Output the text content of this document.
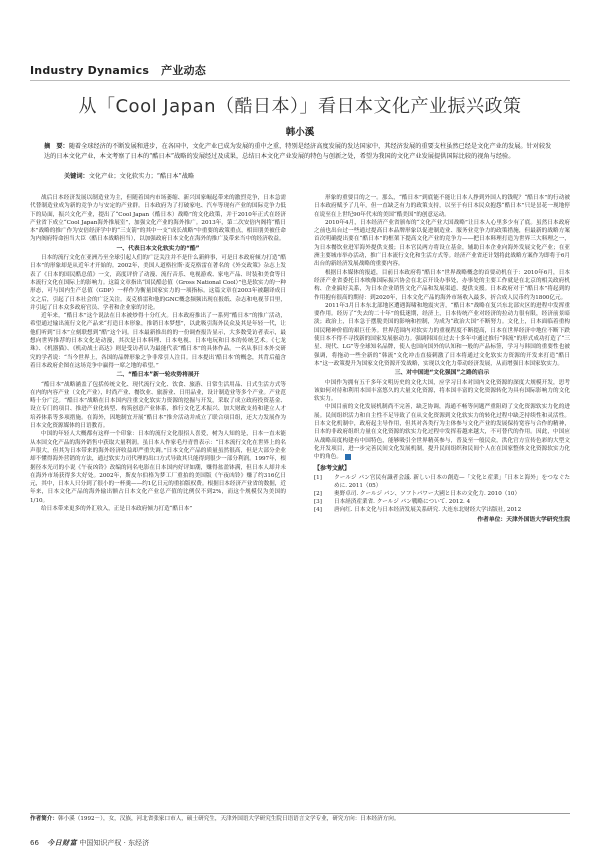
Industry Dynamics 产业动态
从「Cool Japan（酷日本）」看日本文化产业振兴政策
韩小溪
摘　要：随着全球经济的不断发展和进步，在各国中，文化产业已成为发展的重中之重，特别是经济高度发展的发达国家中，其经济发展的重要支柱虽然已经是文化产业的发展。针对较发达的日本文化产业，本文考察了日本的“酷日本”战略的发展经过及成果，总结日本文化产业发展的特色与创新之处，希望为我国的文化产业发展提供国际比较的视角与经验。
关键词：文化产业；文化软实力；“酷日本”战略

战后日本经济发展以制造业为主，但随着国内市场萎缩、新兴国家崛起带来的激烈竞争，日本急需代替制造业成为新的竞争力与安定的产业群。日本政府为了打破家电、汽车等现有产业的国际竞争力低下的局面，振兴文化产业，提出了“Cool Japan（酷日本）战略”的文化政策，并于2010年正式在经济产业省下成立“Cool Japan海外推展室”，加强文化产业的海外推广。2013年，第二次安倍内阁将“酷日本”战略的推广作为安倍经济学中的“三支箭”的其中一支“成长战略”中重要的政策重点，相田朋美被任命为内阁府特命担当大臣（酷日本战略担当），以加强政府日本文化在海外的推广及带来当中的经济收益。

一、代表日本文化软实力的“酷”

日本的流行文化在亚洲乃至全球引起人们的广泛关注并不是什么新鲜事，可是日本政府倾力打造“酷日本”的形象却是从近年才开始的。2002年，美国人道格拉斯·麦克格雷在著名的《外交政策》杂志上发表了《日本的国民酷总值》一文，高度评价了动漫、流行音乐、电视游戏、家电产品、时装和美食等日本流行文化在国际上的影响力。这篇文章指出“国民酷总值（Gross National Cool）”也是软实力的一种形态，可与国内生产总值（GDP）一样作为衡量国家实力的一项指标。这篇文章在2003年被翻译成日文之后，引起了日本社会的广泛关注。麦克格雷和他的GNC概念频频出现在报纸、杂志和电视节目里，并引起了日本众多政府官员、学者和企业家的讨论。

近年来，“酷日本”这个说法在日本被炒得十分红火。日本政府推出了一系列“酷日本”的推广活动，希望通过输出流行文化产品来“打造日本形象，推销日本梦想”，以此吸引海外民众及其是年轻一代，让他们听到“日本”立刻联想到“酷”这个词。日本最新推出的的一份调查报告显示，大多数受访者表示，最想向世界推荐的日本文化是动漫，其次是日本料理、日本电视、日本电玩和日本的传统艺术。《七龙珠》、《机器猫》、《机动战士高达》则是受访者认为最能代表“酷日本”的具体作品。一名从事日本外交研究的学者说：“当今世界上，各国的品牌形象之争非常引人注目。日本提出‘酷日本’的概念，其背后蕴含着日本政府企图在这场竞争中赢得一席之地的希望。”

二、“酷日本”新一轮攻势将展开

“酷日本”战略涵盖了包括传统文化、现代流行文化、饮食、旅游、日常生活用品、日式生活方式等在内的内容产业（文化产业），时尚产业、餐饮业、旅游业、日用品业，设计制造业等多个产业。产业范畴十分广泛。“酷日本”战略在日本国内注重文化软实力资源的挖掘与开发，采取了成立政府投资基金、设立专门的项目、推进产业化转型、构筑创意产业体系，推行文化艺术振兴、加大财政支持和建立人才培养体系等多项措施。在海外，因地制宜开展“酷日本”推介活动并成立了联合项目组，还大力发展作为日本文化资源媒体的日语教育。

中国的年轻人大概都有这样一个印象：日本的流行文化很招人喜爱，树为人知的是，日本一直未能从本国文化产品的海外销售中获取大量利润。虽日本人作家毛丹青曾表示：“日本流行文化在世界上的名声很大，但其为日本带来的海外经济收益却严重失调。”日本文化产品的质量虽然很高，但是大部分企业却不懂得海外营销的方法，通过软实力司代理的出口方式导致其只能得到很少一部分利润。1997年，根据径本光司的小说《午夜凶铃》改编的同名电影在日本国内好评如潮，赚得盆盈钵满，但日本人却并未在海外市场获得多大好处。2002年，斯皮尔伯格为梦工厂重拍的美国版《午夜凶铃》赚了约316亿日元，其中，日本人只分到了很小的一杯羹——约1亿日元的重拍版权费。根据日本经济产业省的数据，近年来，日本文化产品的海外输出额占日本文化产业总产值的比例仅不到2%，而这个规模仅为美国的1/10。

给日本带来更多的外汇收入，正是日本政府倾力打造“酷日本”

形象的重要目的之一。那么，“酷日本”到底能不能让日本人挣到外国人的钱呢？“酷日本”的行动被日本政府赋予了几年，但一直缺乏有力的政策支持，以至于有日本民众抱怨“酷日本”只是昙花一现地停在说至在上世纪90年代末的美国“酷美国”的创意运动。

2010年4月，日本经济产业省颁布的“文化产业大国战略”让日本人心里多少有了底。虽然日本政府之前也出台过一些通过提高日本品牌形象以促进制造业、服务业竞争力的政策措施，但最新的战略方案首次明确提出要在“酷日本”的框架下提高文化产业的竞争力——把日本料理打造为世界三大料理之一，为日本餐饮业进军海外提供支援；日本官民两方将设立基金，辅助日本企业向海外发展文化产业；在亚洲主要城市举办活动，推广日本流行文化和生活方式等。经济产业省还计划将此战略方案作为即将于6月出台的新经济发展战略的重要内容。

根据日本媒体的报道，目前日本政府将“酷日本”世界战略概念的首要动机在于：2010年6月，日本经济产业省委托日本映像国际振兴协会在北京开设办事处，办事处的主要工作就是在北京的相关政府机构、企业搞好关系，为日本企业销售文化产品和发展渠道、提供支援。日本政府对于“酷日本”将起到的作用抱有很高的期待：到2020年，日本文化产品的海外市场收入最多，折合成人民币约为1800亿元。

2011年3月日本东北部地区遭遇海啸和地震灾害，“酷日本”战略在复兴东北部灾区的进程中发挥重要作用。经历了“失去的二十年”的低迷期，经济上，日本传统产业对经济的拉动力很有限，经济前景暗淡；政治上，日本急于摆脱美国的影响和控制，为成为“政治大国”不断努力。文化上，日本面临着重构国民精神价值的艰巨任务。世界范围内对软实力的重视程度不断提高，日本在世界经济中地位不断下跌使日本不得不寻找新的国家发展驱动力。强调韩国在过去十多年中通过推行“韩流”的形式成功打造了“三星、现代、LG”等全球知名品牌，使人也国向国外的认知和一般的产品标签，学习与韩国的重要性也被强调，将拖动一些全新的“韩流”文化冲击直接刺激了日本将通过文化软实力资源的开发来打造“酷日本”这一政策提升为国家文化资源开发战略，实现以文化力带动经济发展，从而增强日本国家软实力。

三、对中国进“文化强国”之路的启示

中国作为拥有五千多年文明历史的文化大国，应学习日本对国内文化资源的深度大规模开发，思考该如何对待和利用本国丰富悠久的大量文化资源，将本国丰富的文化资源转化为具有国际影响力的文化软实力。

中国目前的文化发展机制尚不完善，缺乏协调，海通不畅等问题严重阻碍了文化资源软实力化的进展。民间组织活力和自主性不足导致了在从文化资源到文化软实力的转化过程中缺乏持续性和灵活性。日本文化机制中，政府起主导作用，但其对各类行为主体参与文化产业的发展保持宽容与合作的精神，日本的非政府组织力量在文化资源的软实力化过程中发挥着越来越大，不可替代的作用。因此，中国应从战略高度构建有中国特色，能够吸引全世界精英参与，普及至一般民众，洪化官方宣传色彩的大型文化开发项目，进一步完善民间文化发展机制，提升民间组织和民间个人在在国家整体文化资源软实力化中的角色。

【参考文献】
[1] クールジ パン官民有識者会議. 新しい日本の創造—「文化と産業」「日本と海外」をつなぐために. 2011（05）
[2] 奥野卓司. クールジ パン、ソフトパワー大國と日本の文化力. 2010（10）
[3] 日本経済産業省. クールジ パン戦略について. 2012. 4
[4] 唐向红. 日本文化与日本经济发展关系研究. 大连东北财经大学出版社, 2012
作者单位：天津外国语大学研究生院
作者简介：韩小溪（1992－），女，汉族，河北省张家口市人，硕士研究生，天津外国语大学研究生院日语语言文学专业，研究方向：日本经济方向。
66 今日财富 中国知识产权 · 东经济
